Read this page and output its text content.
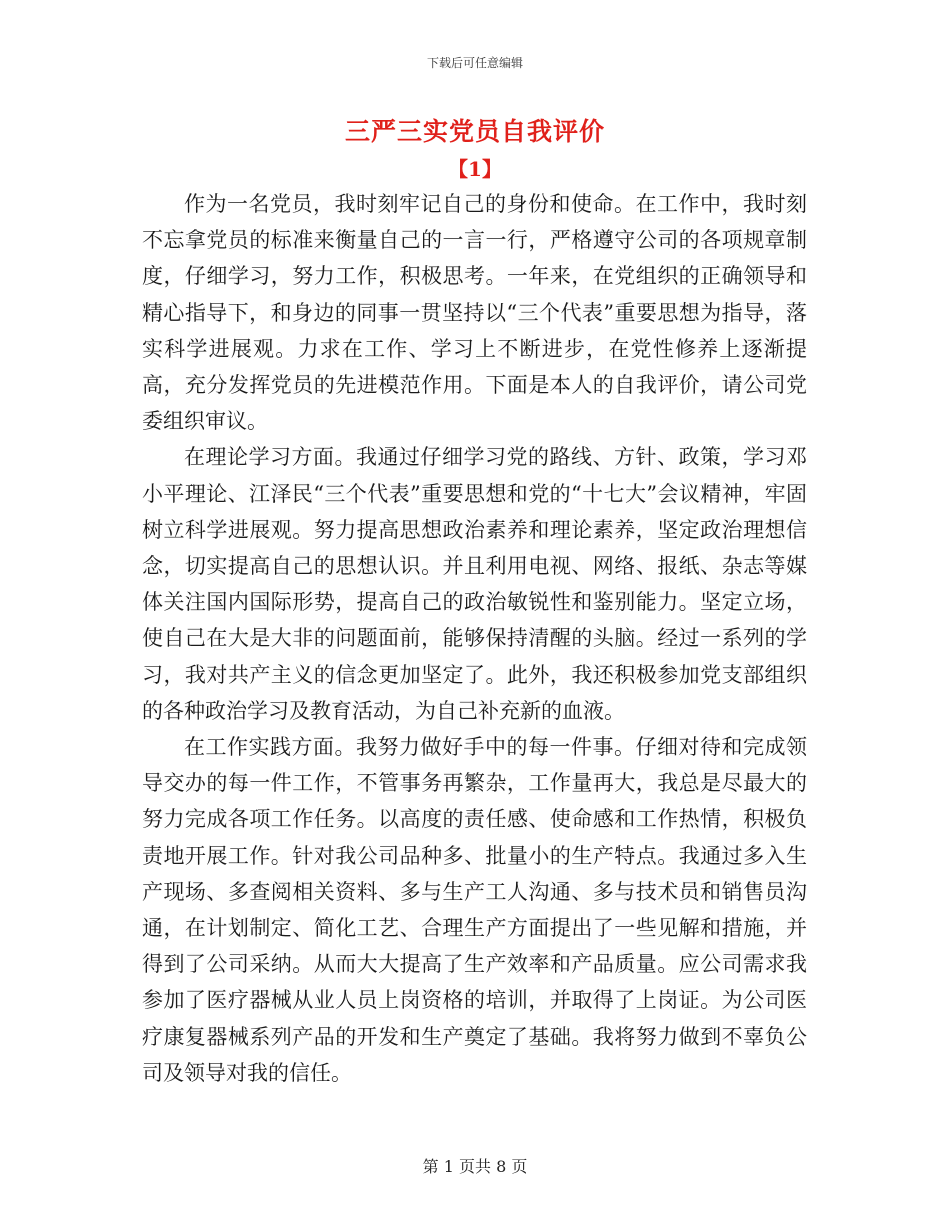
下载后可任意编辑
三严三实党员自我评价
【1】

作为一名党员，我时刻牢记自己的身份和使命。在工作中，我时刻不忘拿党员的标准来衡量自己的一言一行，严格遵守公司的各项规章制度，仔细学习，努力工作，积极思考。一年来，在党组织的正确领导和精心指导下，和身边的同事一贯坚持以“三个代表”重要思想为指导，落实科学进展观。力求在工作、学习上不断进步，在党性修养上逐渐提高，充分发挥党员的先进模范作用。下面是本人的自我评价，请公司党委组织审议。

在理论学习方面。我通过仔细学习党的路线、方针、政策，学习邓小平理论、江泽民“三个代表”重要思想和党的“十七大”会议精神，牢固树立科学进展观。努力提高思想政治素养和理论素养，坚定政治理想信念，切实提高自己的思想认识。并且利用电视、网络、报纸、杂志等媒体关注国内国际形势，提高自己的政治敏锐性和鉴别能力。坚定立场，使自己在大是大非的问题面前，能够保持清醒的头脑。经过一系列的学习，我对共产主义的信念更加坚定了。此外，我还积极参加党支部组织的各种政治学习及教育活动，为自己补充新的血液。

在工作实践方面。我努力做好手中的每一件事。仔细对待和完成领导交办的每一件工作，不管事务再繁杂，工作量再大，我总是尽最大的努力完成各项工作任务。以高度的责任感、使命感和工作热情，积极负责地开展工作。针对我公司品种多、批量小的生产特点。我通过多入生产现场、多查阅相关资料、多与生产工人沟通、多与技术员和销售员沟通，在计划制定、简化工艺、合理生产方面提出了一些见解和措施，并得到了公司采纳。从而大大提高了生产效率和产品质量。应公司需求我参加了医疗器械从业人员上岗资格的培训，并取得了上岗证。为公司医疗康复器械系列产品的开发和生产奠定了基础。我将努力做到不辜负公司及领导对我的信任。

第 1 页共 8 页
